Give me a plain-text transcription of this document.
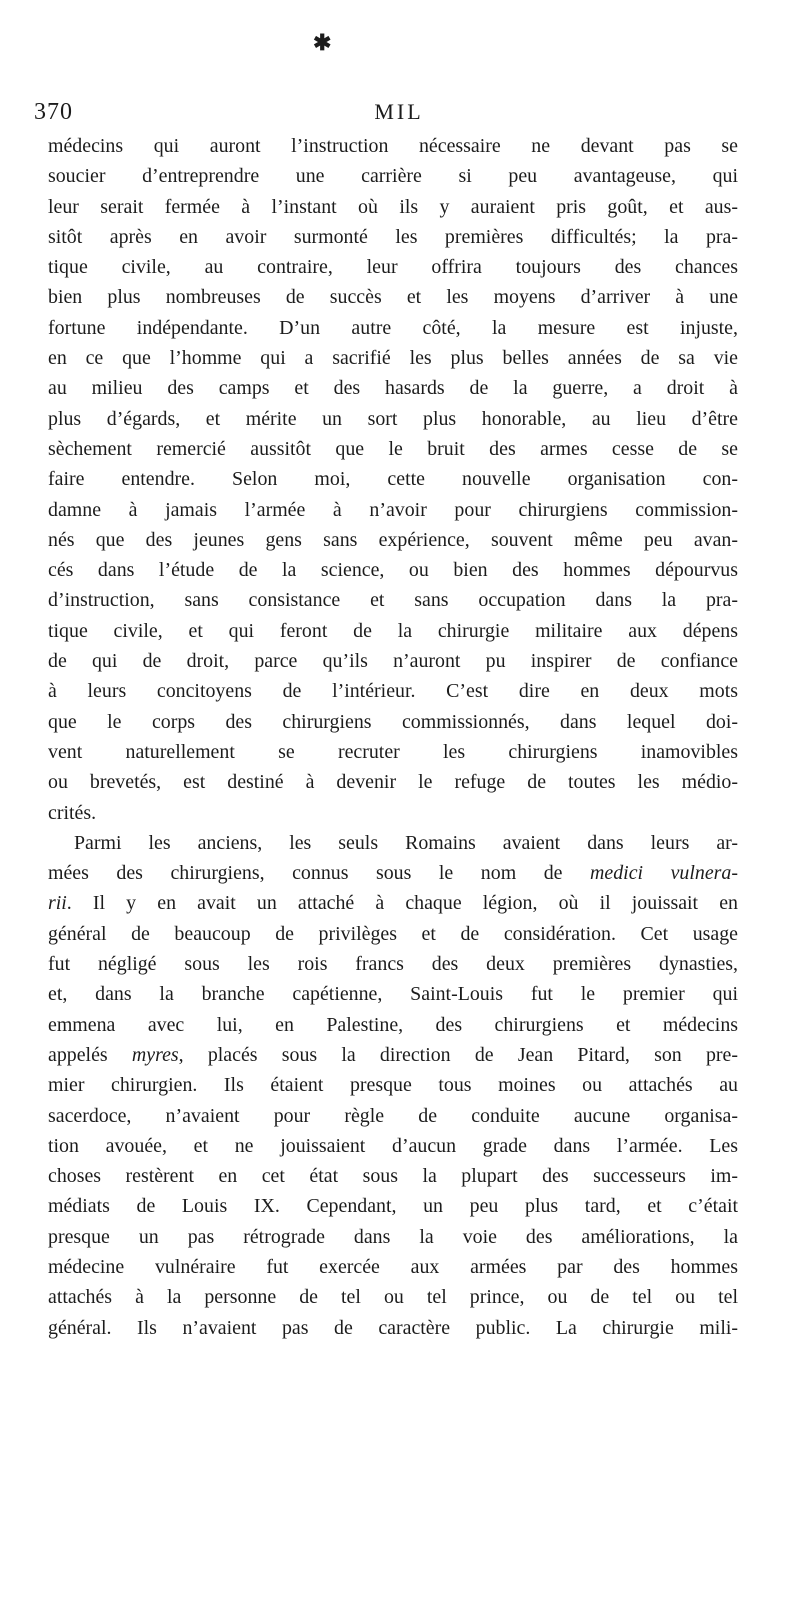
✱
370	MIL
médecins qui auront l’instruction nécessaire ne devant pas se
soucier d’entreprendre une carrière si peu avantageuse, qui
leur serait fermée à l’instant où ils y auraient pris goût, et aus-
sitôt après en avoir surmonté les premières difficultés; la pra-
tique civile, au contraire, leur offrira toujours des chances
bien plus nombreuses de succès et les moyens d’arriver à une
fortune indépendante. D’un autre côté, la mesure est injuste,
en ce que l’homme qui a sacrifié les plus belles années de sa vie
au milieu des camps et des hasards de la guerre, a droit à
plus d’égards, et mérite un sort plus honorable, au lieu d’être
sèchement remercié aussitôt que le bruit des armes cesse de se
faire entendre. Selon moi, cette nouvelle organisation con-
damne à jamais l’armée à n’avoir pour chirurgiens commission-
nés que des jeunes gens sans expérience, souvent même peu avan-
cés dans l’étude de la science, ou bien des hommes dépourvus
d’instruction, sans consistance et sans occupation dans la pra-
tique civile, et qui feront de la chirurgie militaire aux dépens
de qui de droit, parce qu’ils n’auront pu inspirer de confiance
à leurs concitoyens de l’intérieur. C’est dire en deux mots
que le corps des chirurgiens commissionnés, dans lequel doi-
vent naturellement se recruter les chirurgiens inamovibles
ou brevetés, est destiné à devenir le refuge de toutes les médio-
crités.
Parmi les anciens, les seuls Romains avaient dans leurs ar-
mées des chirurgiens, connus sous le nom de medici vulnera-
rii. Il y en avait un attaché à chaque légion, où il jouissait en
général de beaucoup de privilèges et de considération. Cet usage
fut négligé sous les rois francs des deux premières dynasties,
et, dans la branche capétienne, Saint-Louis fut le premier qui
emmena avec lui, en Palestine, des chirurgiens et médecins
appelés myres, placés sous la direction de Jean Pitard, son pre-
mier chirurgien. Ils étaient presque tous moines ou attachés au
sacerdoce, n’avaient pour règle de conduite aucune organisa-
tion avouée, et ne jouissaient d’aucun grade dans l’armée. Les
choses restèrent en cet état sous la plupart des successeurs im-
médiats de Louis IX. Cependant, un peu plus tard, et c’était
presque un pas rétrograde dans la voie des améliorations, la
médecine vulnéraire fut exercée aux armées par des hommes
attachés à la personne de tel ou tel prince, ou de tel ou tel
général. Ils n’avaient pas de caractère public. La chirurgie mili-
